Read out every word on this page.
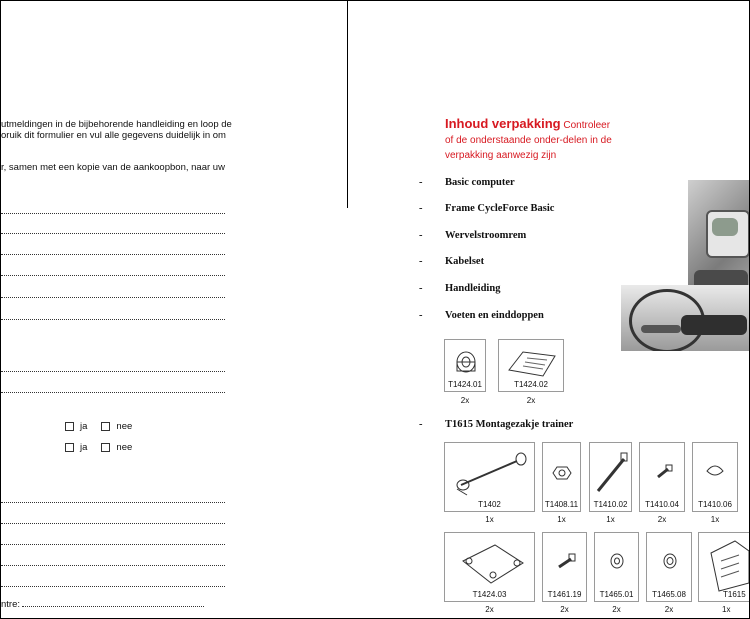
utmeldingen in de bijbehorende handleiding en loop de
oruik dit formulier en vul alle gegevens duidelijk in om
r, samen met een kopie van de aankoopbon, naar uw
ja	nee
ja	nee
ntre:
Inhoud verpakking Controleer
of de onderstaande onder-delen in de
verpakking aanwezig zijn
- Basic computer
- Frame CycleForce Basic
- Wervelstroomrem
- Kabelset
- Handleiding
- Voeten en einddoppen
T1424.01
2x
T1424.02
2x
- T1615 Montagezakje trainer
T1402
1x
T1408.11
1x
T1410.02
1x
T1410.04
2x
T1410.06
1x
T1424.03
2x
T1461.19
2x
T1465.01
2x
T1465.08
2x
T1615
1x
